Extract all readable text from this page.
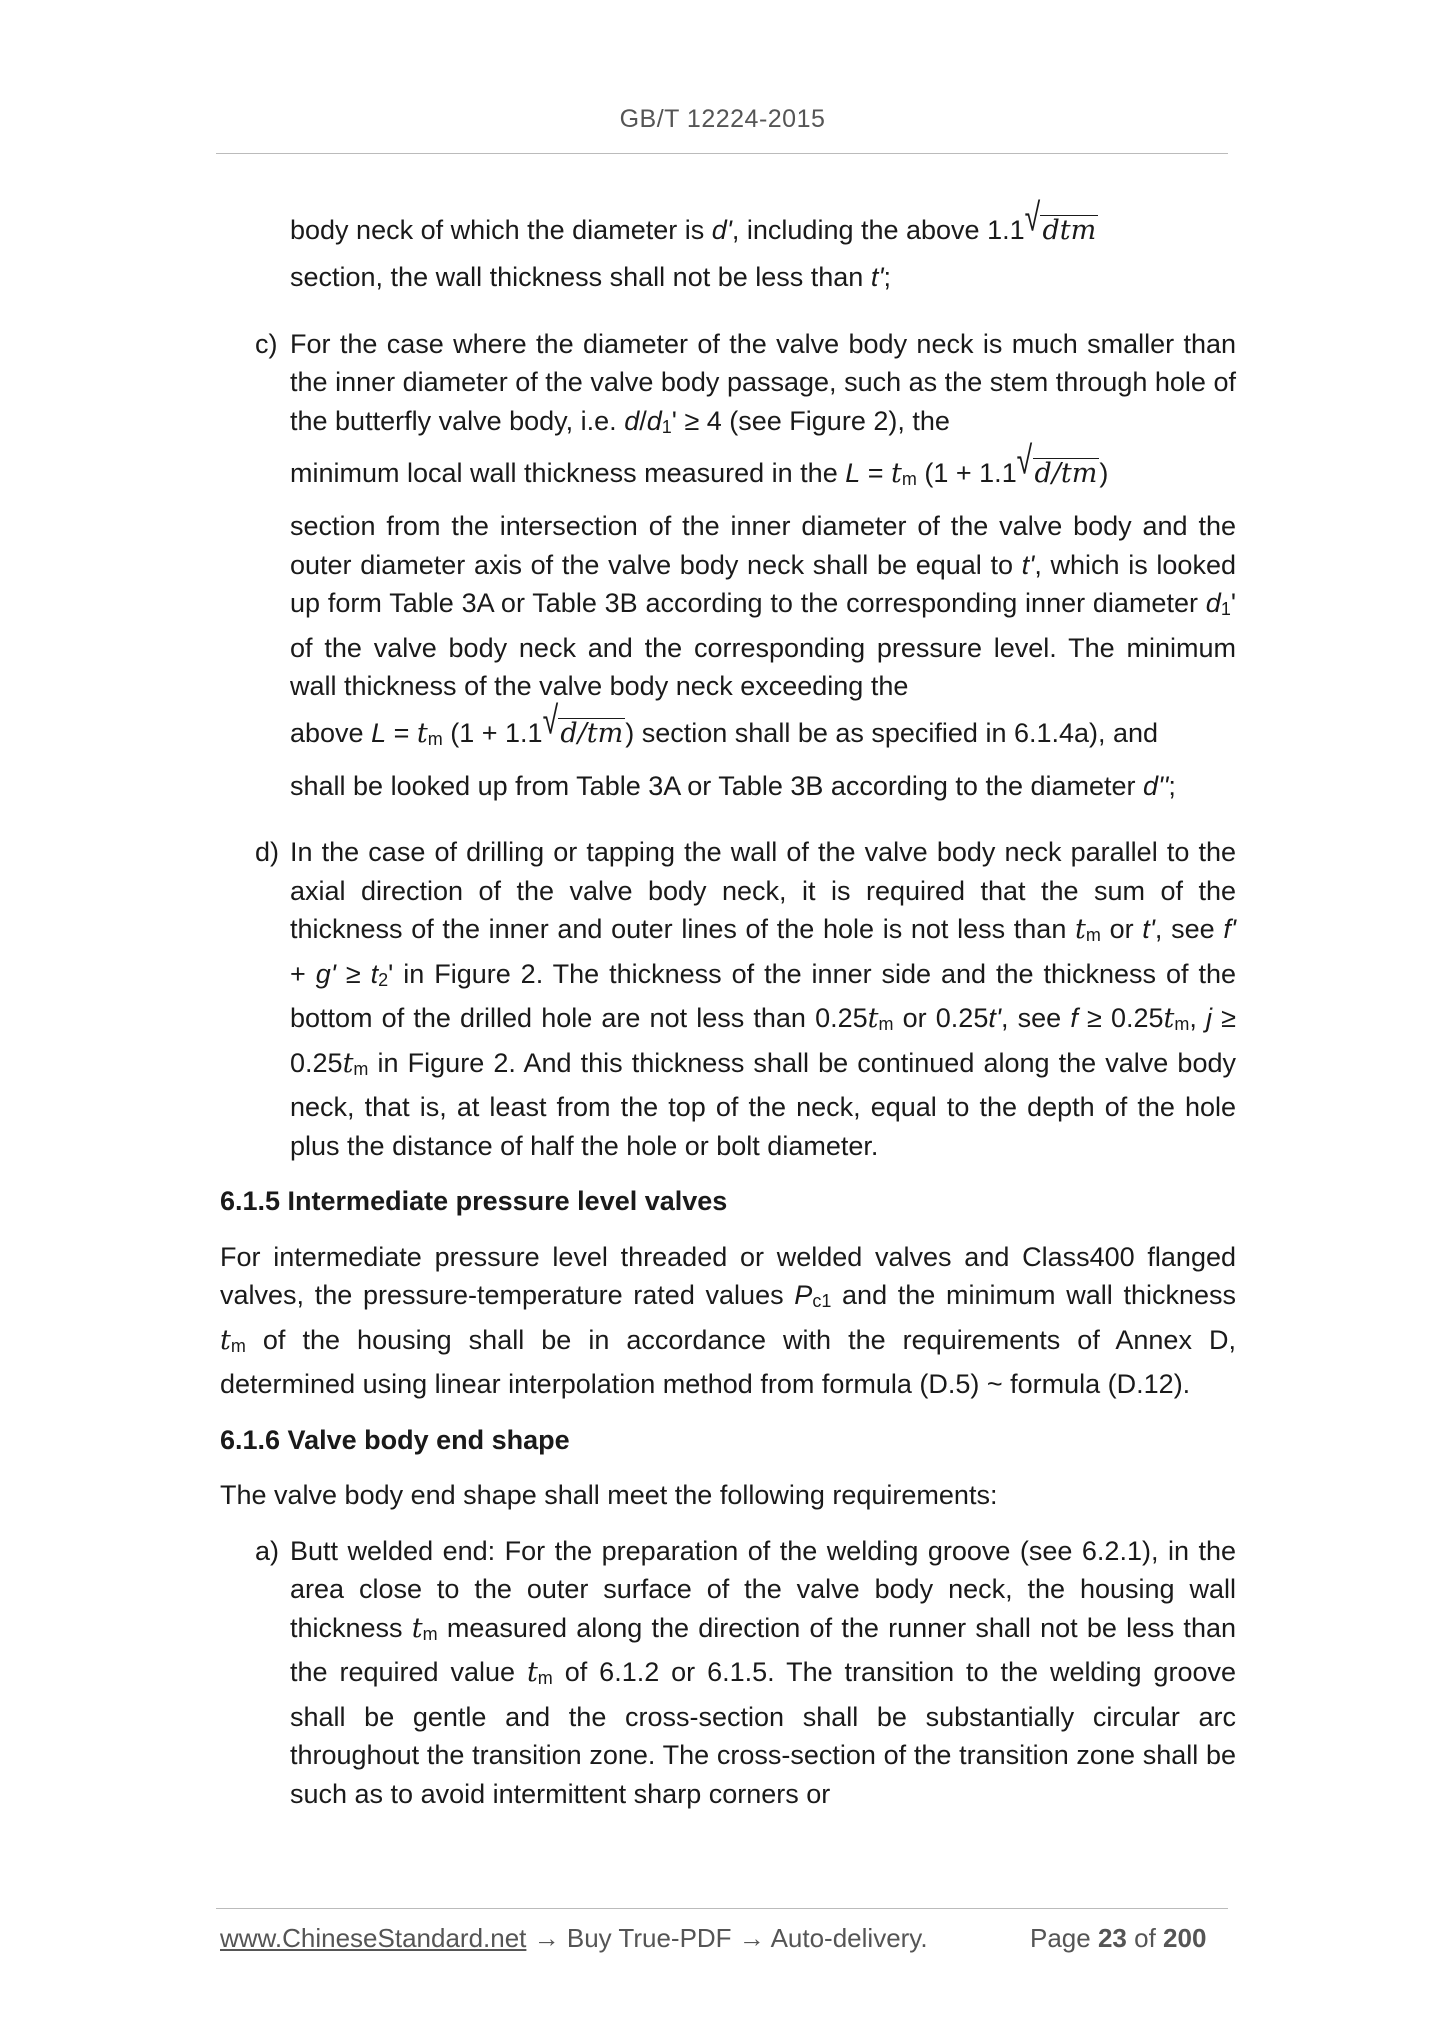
GB/T 12224-2015

body neck of which the diameter is d', including the above 1.1√dtm

section, the wall thickness shall not be less than t';

c) For the case where the diameter of the valve body neck is much smaller than the inner diameter of the valve body passage, such as the stem through hole of the butterfly valve body, i.e. $d/d_1' \ge 4$ (see Figure 2), the

minimum local wall thickness measured in the $L = t_m$ (1 + 1.1√d/tm)

section from the intersection of the inner diameter of the valve body and the outer diameter axis of the valve body neck shall be equal to t', which is looked up form Table 3A or Table 3B according to the corresponding inner diameter $d_1'$ of the valve body neck and the corresponding pressure level. The minimum wall thickness of the valve body neck exceeding the

above $L = t_m$ (1 + 1.1√d/tm) section shall be as specified in 6.1.4a), and

shall be looked up from Table 3A or Table 3B according to the diameter d'';

d) In the case of drilling or tapping the wall of the valve body neck parallel to the axial direction of the valve body neck, it is required that the sum of the thickness of the inner and outer lines of the hole is not less than $t_m$ or t', see $f' + g' \ge t_2'$ in Figure 2. The thickness of the inner side and the thickness of the bottom of the drilled hole are not less than $0.25t_m$ or 0.25t', see $f \ge 0.25t_m$, $j \ge 0.25t_m$ in Figure 2. And this thickness shall be continued along the valve body neck, that is, at least from the top of the neck, equal to the depth of the hole plus the distance of half the hole or bolt diameter.

6.1.5 Intermediate pressure level valves

For intermediate pressure level threaded or welded valves and Class400 flanged valves, the pressure-temperature rated values $P_{c1}$ and the minimum wall thickness $t_m$ of the housing shall be in accordance with the requirements of Annex D, determined using linear interpolation method from formula (D.5) ~ formula (D.12).

6.1.6 Valve body end shape

The valve body end shape shall meet the following requirements:

a) Butt welded end: For the preparation of the welding groove (see 6.2.1), in the area close to the outer surface of the valve body neck, the housing wall thickness $t_m$ measured along the direction of the runner shall not be less than the required value $t_m$ of 6.1.2 or 6.1.5. The transition to the welding groove shall be gentle and the cross-section shall be substantially circular arc throughout the transition zone. The cross-section of the transition zone shall be such as to avoid intermittent sharp corners or

www.ChineseStandard.net → Buy True-PDF → Auto-delivery.	Page 23 of 200
